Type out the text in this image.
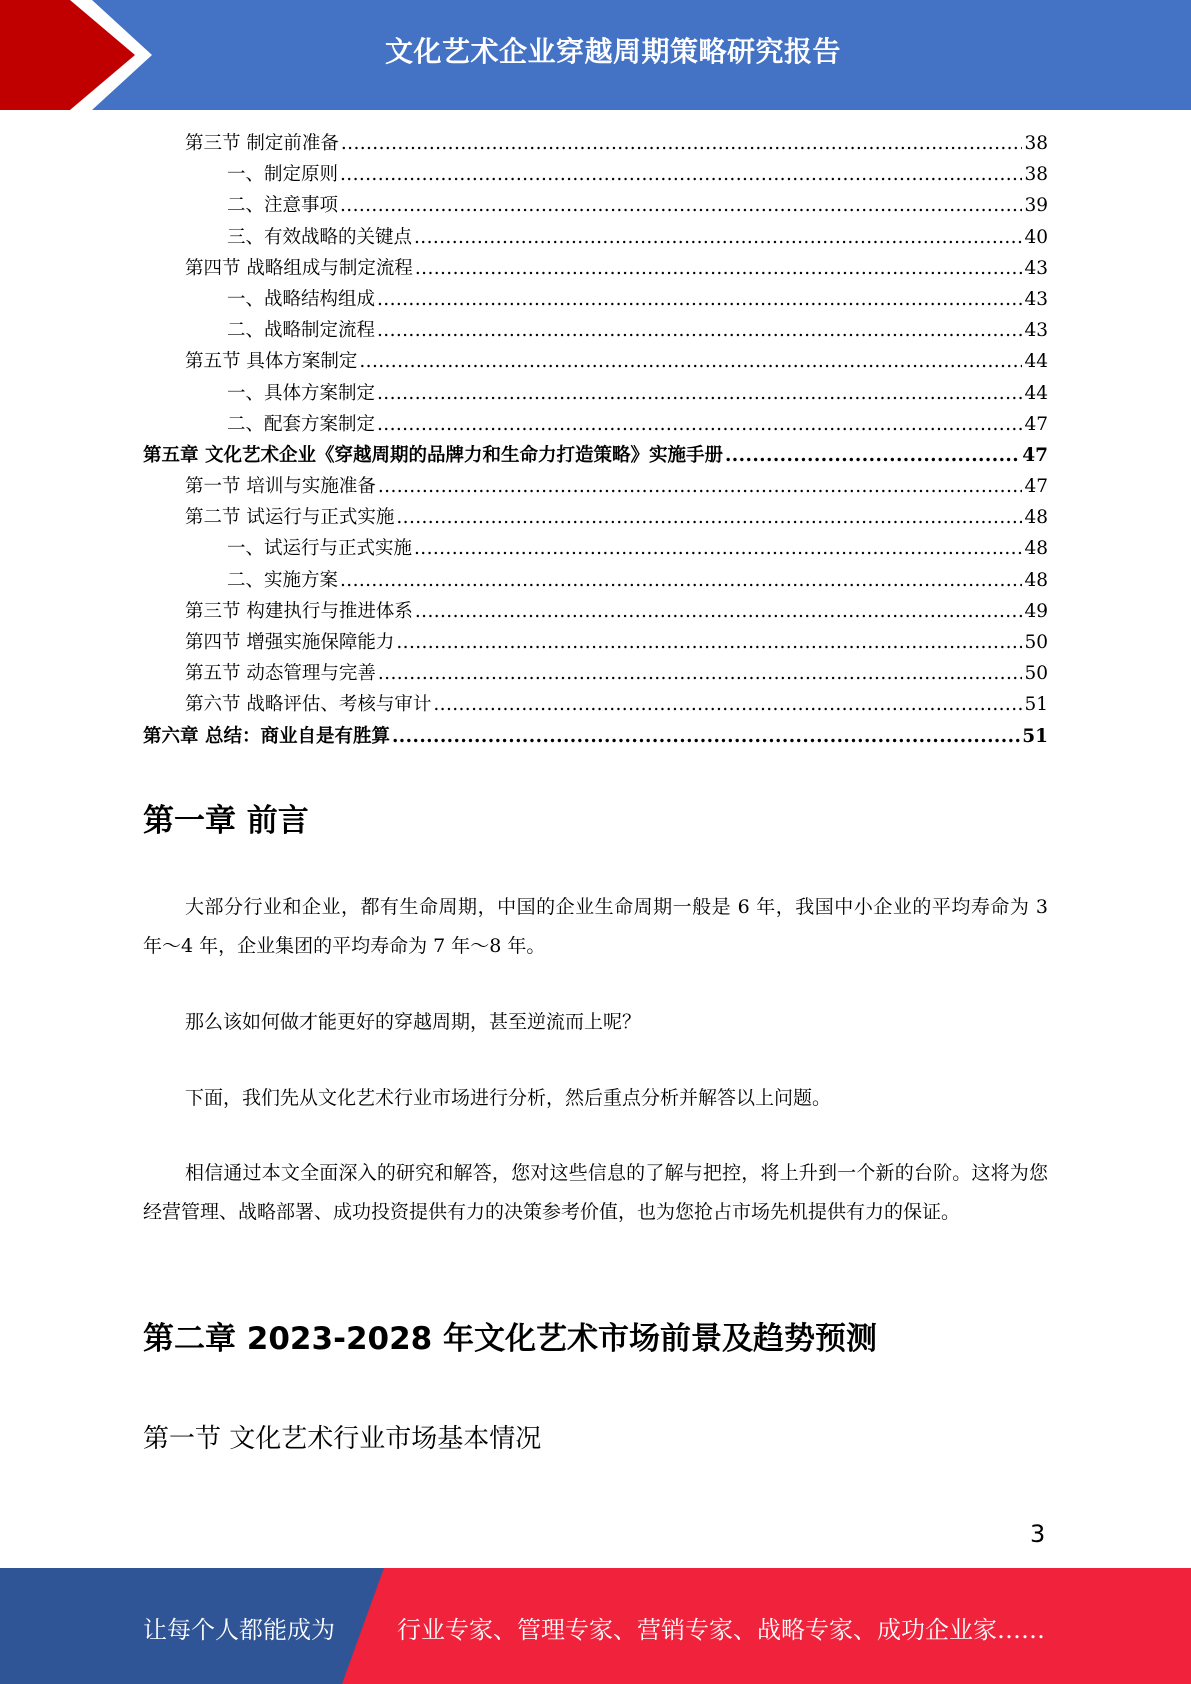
文化艺术企业穿越周期策略研究报告
第三节 制定前准备 .....	38
一、制定原则 .....	38
二、注意事项 .....	39
三、有效战略的关键点 .....	40
第四节 战略组成与制定流程 .....	43
一、战略结构组成 .....	43
二、战略制定流程 .....	43
第五节 具体方案制定 .....	44
一、具体方案制定 .....	44
二、配套方案制定 .....	47
第五章 文化艺术企业《穿越周期的品牌力和生命力打造策略》实施手册 .....	47
第一节 培训与实施准备 .....	47
第二节 试运行与正式实施 .....	48
一、试运行与正式实施 .....	48
二、实施方案 .....	48
第三节 构建执行与推进体系 .....	49
第四节 增强实施保障能力 .....	50
第五节 动态管理与完善 .....	50
第六节 战略评估、考核与审计 .....	51
第六章 总结：商业自是有胜算 .....	51
第一章 前言
大部分行业和企业，都有生命周期，中国的企业生命周期一般是 6 年，我国中小企业的平均寿命为 3 年～4 年，企业集团的平均寿命为 7 年～8 年。
那么该如何做才能更好的穿越周期，甚至逆流而上呢？
下面，我们先从文化艺术行业市场进行分析，然后重点分析并解答以上问题。
相信通过本文全面深入的研究和解答，您对这些信息的了解与把控，将上升到一个新的台阶。这将为您经营管理、战略部署、成功投资提供有力的决策参考价值，也为您抢占市场先机提供有力的保证。
第二章 2023-2028 年文化艺术市场前景及趋势预测
第一节 文化艺术行业市场基本情况
3
让每个人都能成为	行业专家、管理专家、营销专家、战略专家、成功企业家……
